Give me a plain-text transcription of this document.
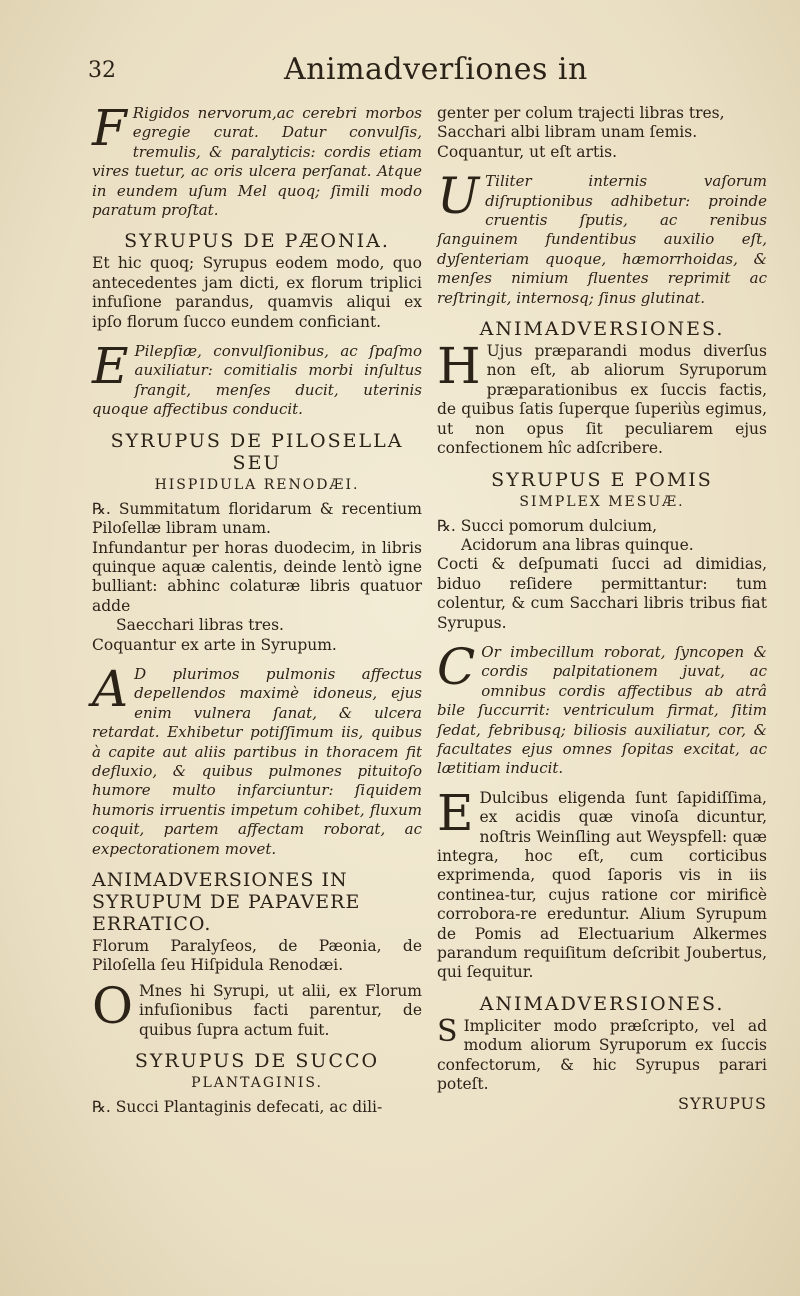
32	Animadverſiones in

F Rigidos nervorum,ac cerebri morbos egregie curat. Datur convulſis, tremulis, & paralyticis: cordis etiam vires tuetur, ac oris ulcera perſanat. Atque in eundem uſum Mel quoq; ſimili modo paratum proſtat.

SYRUPUS DE PÆONIA.

Et hic quoq; Syrupus eodem modo, quo antecedentes jam dicti, ex florum triplici infuſione parandus, quamvis aliqui ex ipſo florum ſucco eundem conficiant.

E Pilepſiæ, convulſionibus, ac ſpaſmo auxiliatur: comitialis morbi inſultus ſrangit, menſes ducit, uterinis quoque affectibus conducit.

SYRUPUS DE PILOSELLA SEU
HISPIDULA RENODÆI.

℞. Summitatum floridarum & recentium Piloſellæ libram unam.

Infundantur per horas duodecim, in libris quinque aquæ calentis, deinde lentò igne bulliant: abhinc colaturæ libris quatuor adde

Saecchari libras tres.

Coquantur ex arte in Syrupum.

A D plurimos pulmonis affectus depellendos maximè idoneus, ejus enim vulnera ſanat, & ulcera retardat. Exhibetur potiſſimum iis, quibus à capite aut aliis partibus in thoracem fit defluxio, & quibus pulmones pituitoſo humore multo infarciuntur: ſiquidem humoris irruentis impetum cohibet, fluxum coquit, partem affectam roborat, ac expectorationem movet.

ANIMADVERSIONES IN SYRUPUM DE PAPAVERE ERRATICO.

Florum Paralyſeos, de Pæonia, de Piloſella ſeu Hiſpidula Renodæi.

O Mnes hi Syrupi, ut alii, ex Florum infuſionibus facti parentur, de quibus ſupra actum fuit.

SYRUPUS DE SUCCO
PLANTAGINIS.

℞. Succi Plantaginis defecati, ac dili-

genter per colum trajecti libras tres,

Sacchari albi libram unam ſemis.

Coquantur, ut eſt artis.

U Tiliter internis vaſorum diſruptionibus adhibetur: proinde cruentis ſputis, ac renibus ſanguinem fundentibus auxilio eſt, dyſenteriam quoque, hæmorrhoidas, & menſes nimium fluentes reprimit ac reſtringit, internosq; ſinus glutinat.

ANIMADVERSIONES.

H Ujus præparandi modus diverſus non eſt, ab aliorum Syruporum præparationibus ex ſuccis factis, de quibus ſatis ſuperque ſuperiùs egimus, ut non opus ſit peculiarem ejus confectionem hîc adſcribere.

SYRUPUS E POMIS
SIMPLEX MESUÆ.

℞. Succi pomorum dulcium,

Acidorum ana libras quinque.

Cocti & deſpumati ſucci ad dimidias, biduo reſidere permittantur: tum colentur, & cum Sacchari libris tribus fiat Syrupus.

C Or imbecillum roborat, ſyncopen & cordis palpitationem juvat, ac omnibus cordis affectibus ab atrâ bile ſuccurrit: ventriculum firmat, ſitim ſedat, febribusq; biliosis auxiliatur, cor, & facultates ejus omnes ſopitas excitat, ac lætitiam inducit.

E Dulcibus eligenda ſunt ſapidiſſima, ex acidis quæ vinoſa dicuntur, noſtris Weinſling aut Weyspfell: quæ integra, hoc eſt, cum corticibus exprimenda, quod ſaporis vis in iis continea-tur, cujus ratione cor mirificè corrobora-re ereduntur. Alium Syrupum de Pomis ad Electuarium Alkermes parandum requiſitum deſcribit Joubertus, qui ſequitur.

ANIMADVERSIONES.

S Impliciter modo præſcripto, vel ad modum aliorum Syruporum ex ſuccis confectorum, & hic Syrupus parari poteſt.

SYRUPUS
